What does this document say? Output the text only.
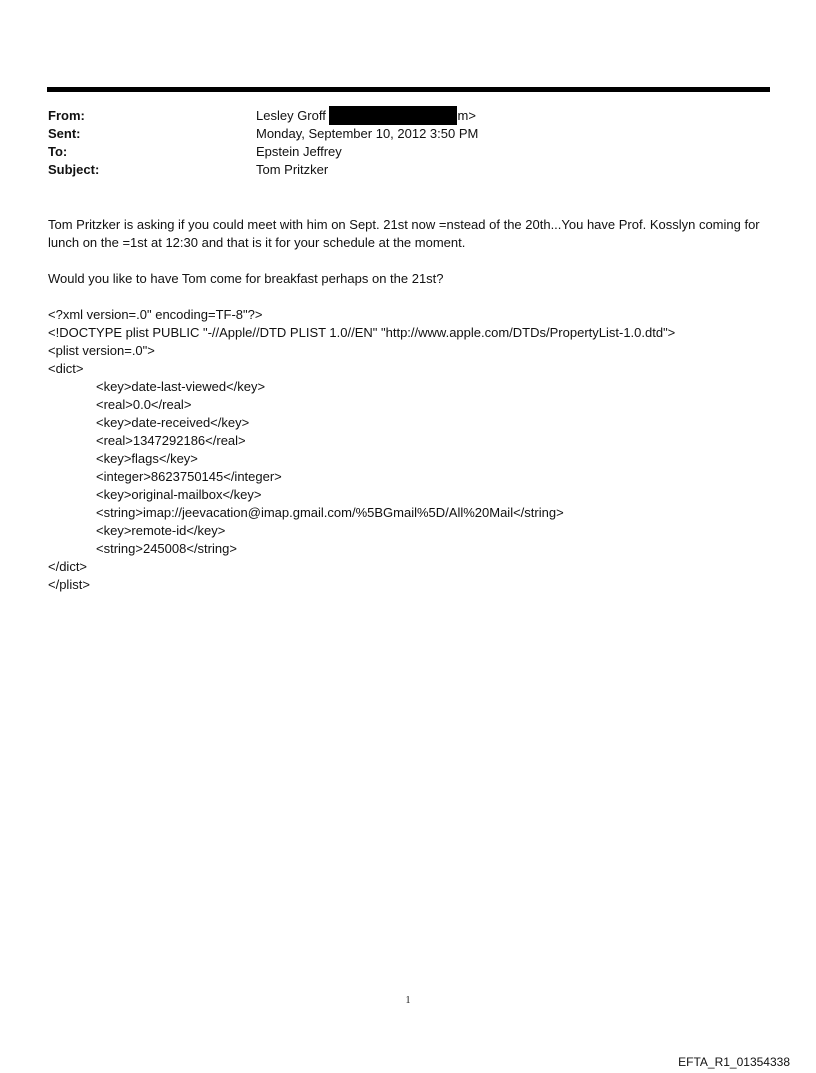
From:	Lesley Groff	m>
Sent:	Monday, September 10, 2012 3:50 PM
To:	Epstein Jeffrey
Subject:	Tom Pritzker

Tom Pritzker is asking if you could meet with him on Sept. 21st now =nstead of the 20th...You have Prof. Kosslyn coming for lunch on the =1st at 12:30 and that is it for your schedule at the moment.

Would you like to have Tom come for breakfast perhaps on the 21st?

<?xml version=.0" encoding=TF-8"?>
<!DOCTYPE plist PUBLIC "-//Apple//DTD PLIST 1.0//EN" "http://www.apple.com/DTDs/PropertyList-1.0.dtd">
<plist version=.0">
<dict>
<key>date-last-viewed</key>
<real>0.0</real>
<key>date-received</key>
<real>1347292186</real>
<key>flags</key>
<integer>8623750145</integer>
<key>original-mailbox</key>
<string>imap://jeevacation@imap.gmail.com/%5BGmail%5D/All%20Mail</string>
<key>remote-id</key>
<string>245008</string>
</dict>
</plist>
1
EFTA_R1_01354338
